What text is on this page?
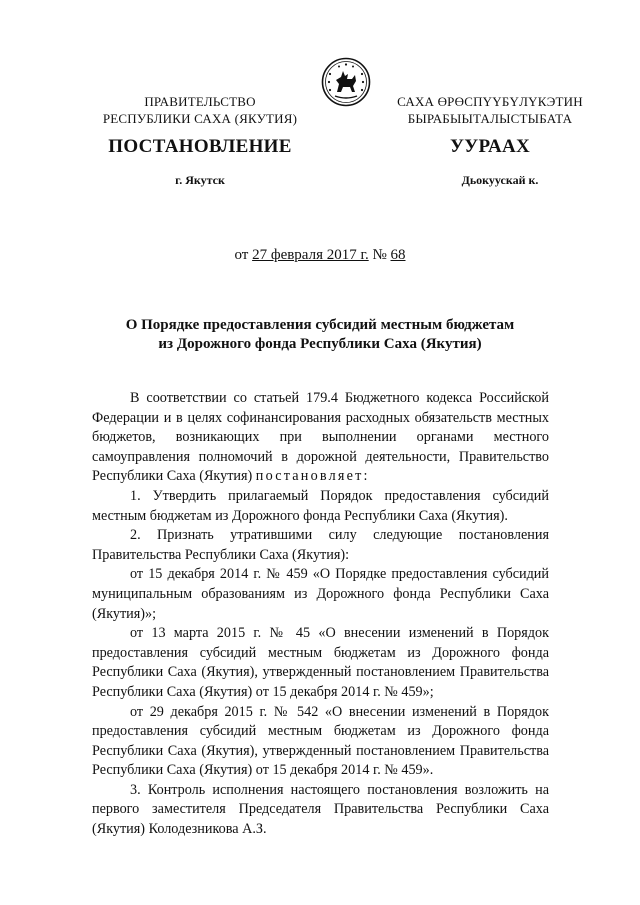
ПРАВИТЕЛЬСТВО
РЕСПУБЛИКИ САХА (ЯКУТИЯ)
САХА ӨРӨСПҮҮБҮЛҮКЭТИН
БЫРАБЫЫТАЛЫСТЫБАТА
ПОСТАНОВЛЕНИЕ	УУРААХ
г. Якутск	Дьокуускай к.
от 27 февраля 2017 г. № 68
О Порядке предоставления субсидий местным бюджетам
из Дорожного фонда Республики Саха (Якутия)

В соответствии со статьей 179.4 Бюджетного кодекса Российской Федерации и в целях софинансирования расходных обязательств местных бюджетов, возникающих при выполнении органами местного самоуправления полномочий в дорожной деятельности, Правительство Республики Саха (Якутия) постановляет:

1. Утвердить прилагаемый Порядок предоставления субсидий местным бюджетам из Дорожного фонда Республики Саха (Якутия).

2. Признать утратившими силу следующие постановления Правительства Республики Саха (Якутия):

от 15 декабря 2014 г. № 459 «О Порядке предоставления субсидий муниципальным образованиям из Дорожного фонда Республики Саха (Якутия)»;

от 13 марта 2015 г. № 45 «О внесении изменений в Порядок предоставления субсидий местным бюджетам из Дорожного фонда Республики Саха (Якутия), утвержденный постановлением Правительства Республики Саха (Якутия) от 15 декабря 2014 г. № 459»;

от 29 декабря 2015 г. № 542 «О внесении изменений в Порядок предоставления субсидий местным бюджетам из Дорожного фонда Республики Саха (Якутия), утвержденный постановлением Правительства Республики Саха (Якутия) от 15 декабря 2014 г. № 459».

3. Контроль исполнения настоящего постановления возложить на первого заместителя Председателя Правительства Республики Саха (Якутия) Колодезникова А.З.
